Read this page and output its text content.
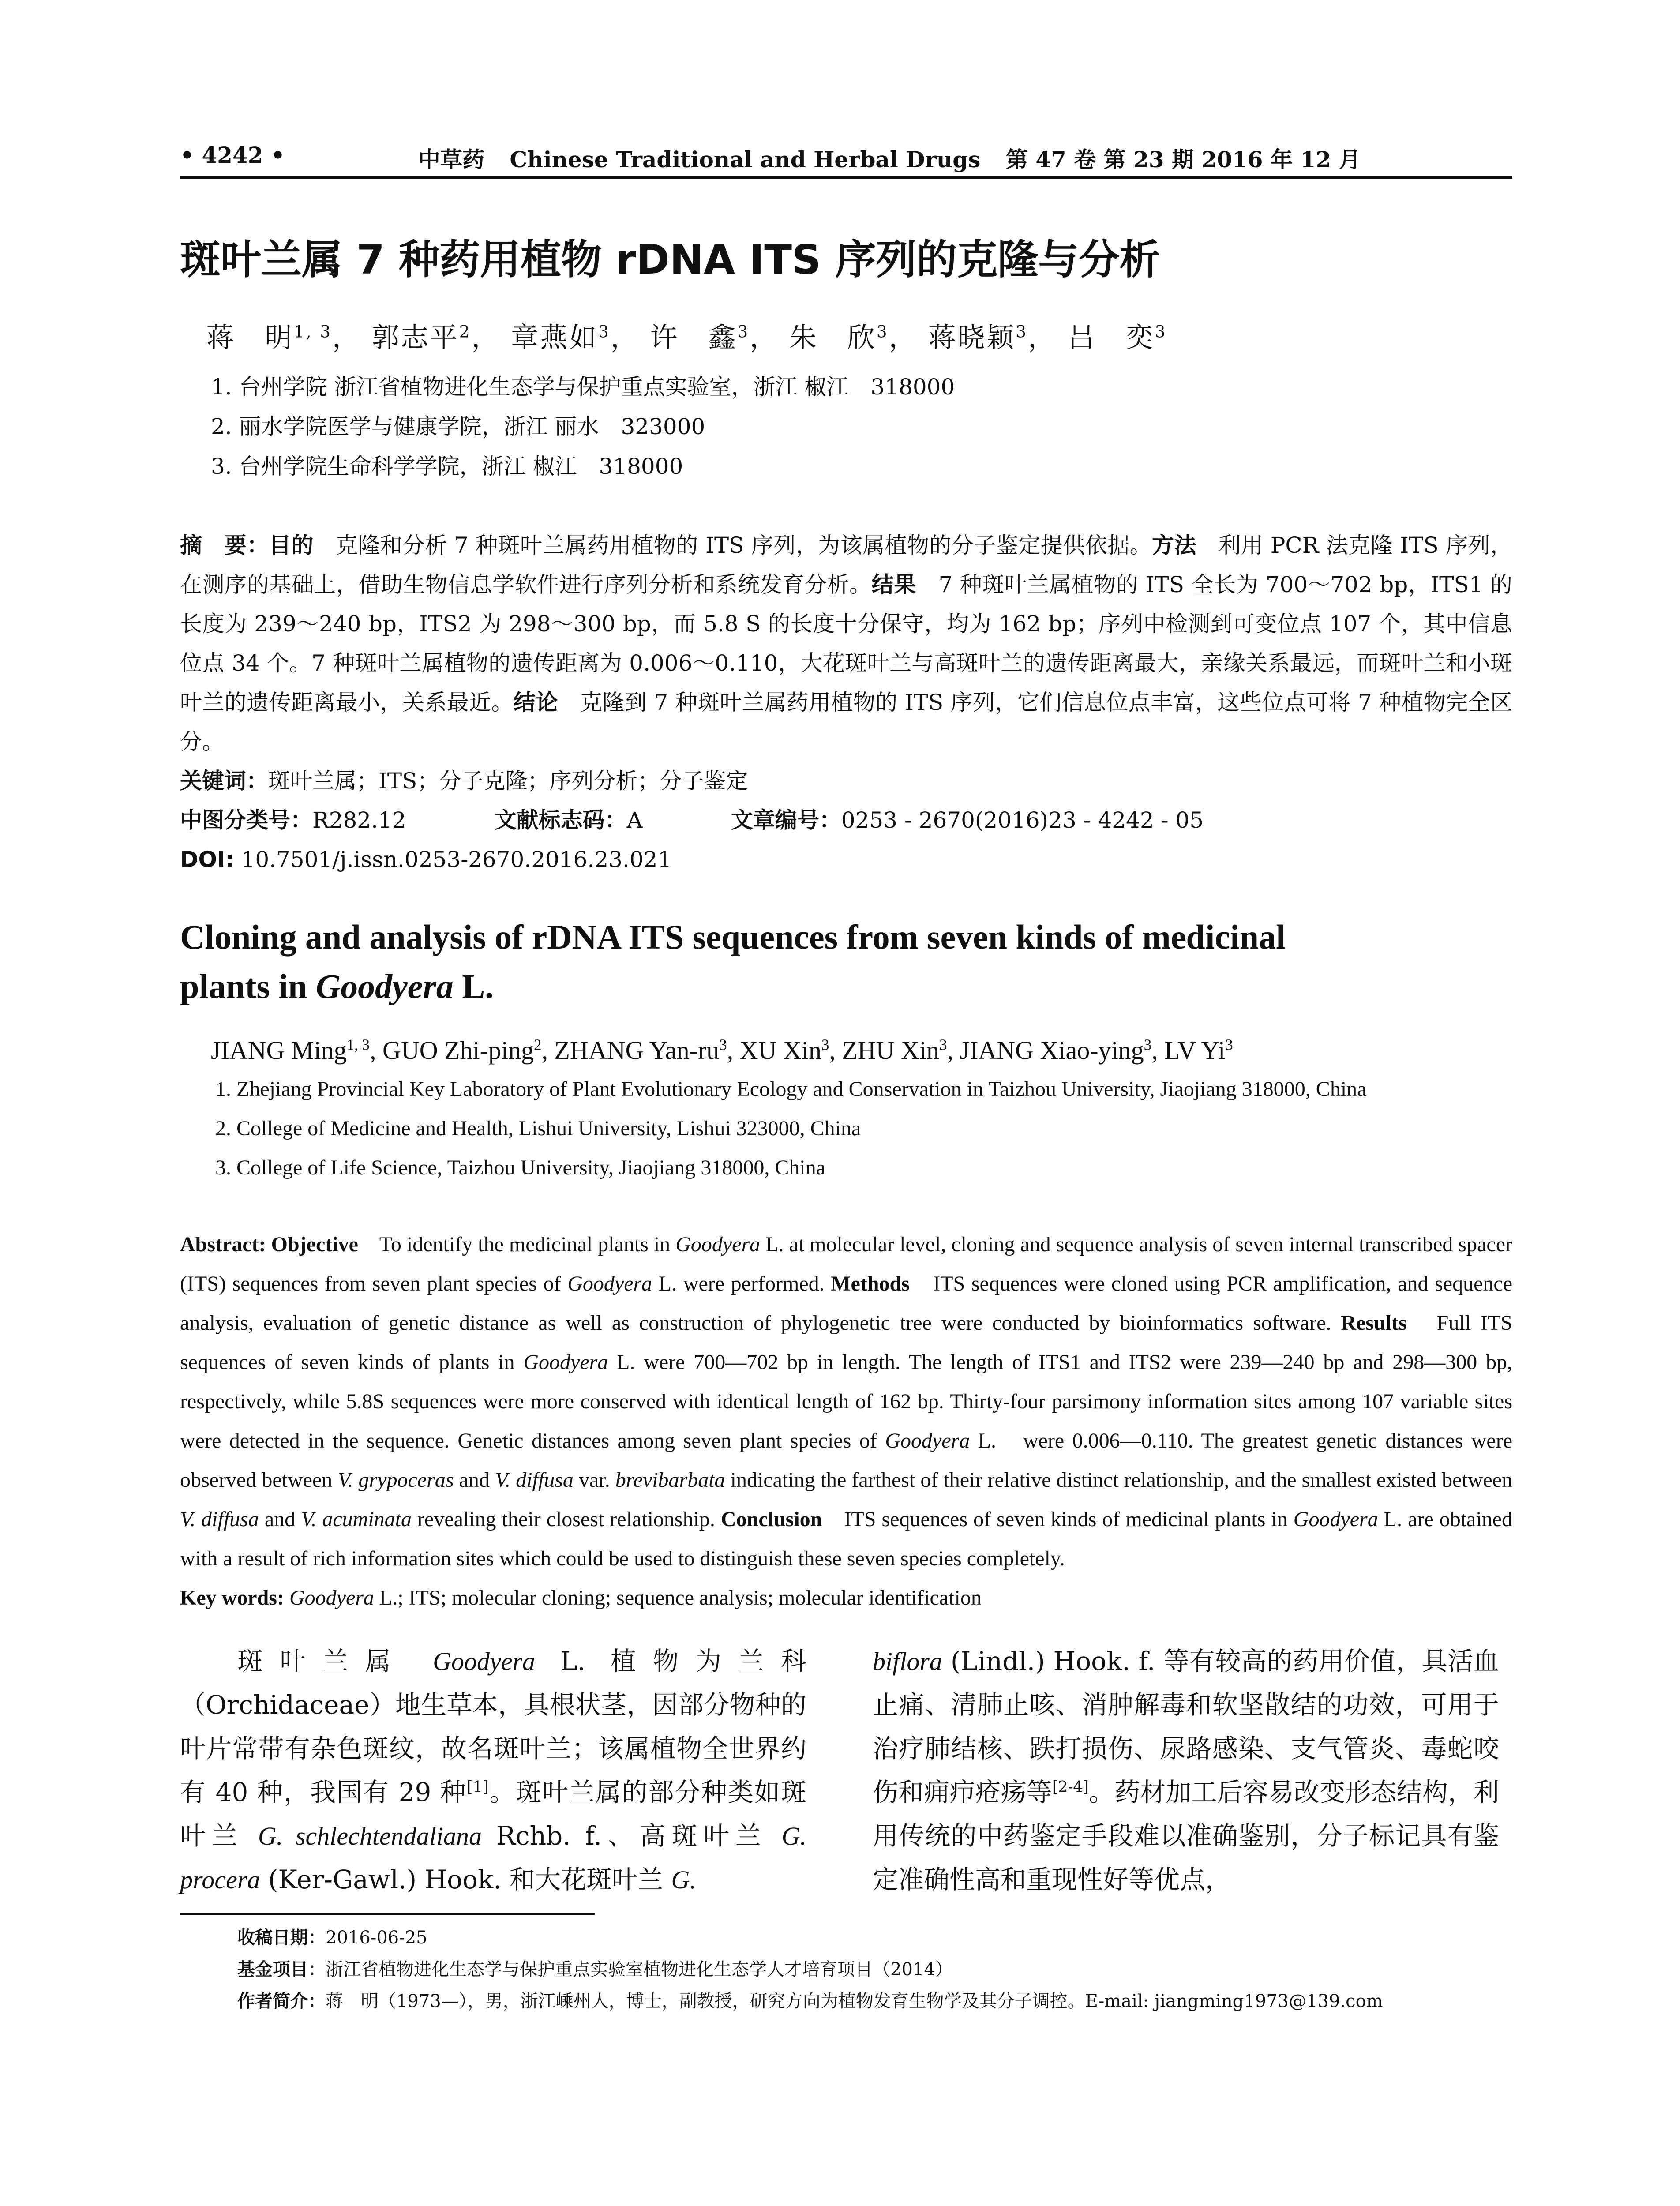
• 4242 •	中草药 Chinese Traditional and Herbal Drugs 第 47 卷 第 23 期 2016 年 12 月
斑叶兰属 7 种药用植物 rDNA ITS 序列的克隆与分析
蒋　明$^{1, 3}$， 郭志平$^2$， 章燕如$^3$， 许　鑫$^3$， 朱　欣$^3$， 蒋晓颖$^3$， 吕　奕$^3$
1. 台州学院 浙江省植物进化生态学与保护重点实验室，浙江 椒江　318000
2. 丽水学院医学与健康学院，浙江 丽水　323000
3. 台州学院生命科学学院，浙江 椒江　318000
摘　要：目的　 克隆和分析 7 种斑叶兰属药用植物的 ITS 序列，为该属植物的分子鉴定提供依据。方法　 利用 PCR 法克隆 ITS 序列，在测序的基础上，借助生物信息学软件进行序列分析和系统发育分析。结果　 7 种斑叶兰属植物的 ITS 全长为 700～702 bp，ITS1 的长度为 239～240 bp，ITS2 为 298～300 bp，而 5.8 S 的长度十分保守，均为 162 bp；序列中检测到可变位点 107 个，其中信息位点 34 个。7 种斑叶兰属植物的遗传距离为 0.006～0.110，大花斑叶兰与高斑叶兰的遗传距离最大，亲缘关系最远，而斑叶兰和小斑叶兰的遗传距离最小，关系最近。结论　 克隆到 7 种斑叶兰属药用植物的 ITS 序列，它们信息位点丰富，这些位点可将 7 种植物完全区分。
关键词：斑叶兰属；ITS；分子克隆；序列分析；分子鉴定
中图分类号：R282.12	文献标志码：A	文章编号：0253 - 2670(2016)23 - 4242 - 05
DOI: 10.7501/j.issn.0253-2670.2016.23.021
Cloning and analysis of rDNA ITS sequences from seven kinds of medicinal
plants in Goodyera L.
JIANG Ming$^{1, 3}$, GUO Zhi-ping$^2$, ZHANG Yan-$ru^3$, XU Xin$^3$, ZHU Xin$^3$, JIANG Xiao-ying$^3$, LV Yi$^3$
1. Zhejiang Provincial Key Laboratory of Plant Evolutionary Ecology and Conservation in Taizhou University, Jiaojiang 318000, China
2. College of Medicine and Health, Lishui University, Lishui 323000, China
3. College of Life Science, Taizhou University, Jiaojiang 318000, China
Abstract: Objective　 To identify the medicinal plants in Goodyera L. at molecular level, cloning and sequence analysis of seven internal transcribed spacer (ITS) sequences from seven plant species of Goodyera L. were performed. Methods　 ITS sequences were cloned using PCR amplification, and sequence analysis, evaluation of genetic distance as well as construction of phylogenetic tree were conducted by bioinformatics software. Results　 Full ITS sequences of seven kinds of plants in Goodyera L. were 700—702 bp in length. The length of ITS1 and ITS2 were 239—240 bp and 298—300 bp, respectively, while 5.8S sequences were more conserved with identical length of 162 bp. Thirty-four parsimony information sites among 107 variable sites were detected in the sequence. Genetic distances among seven plant species of Goodyera L.　were 0.006—0.110. The greatest genetic distances were observed between V. grypoceras and V. diffusa var. brevibarbata indicating the farthest of their relative distinct relationship, and the smallest existed between V. diffusa and V. acuminata revealing their closest relationship. Conclusion　 ITS sequences of seven kinds of medicinal plants in Goodyera L. are obtained with a result of rich information sites which could be used to distinguish these seven species completely.
Key words: Goodyera L.; ITS; molecular cloning; sequence analysis; molecular identification
斑叶兰属 Goodyera L. 植物为兰科（Orchidaceae）地生草本，具根状茎，因部分物种的叶片常带有杂色斑纹，故名斑叶兰；该属植物全世界约有 40 种，我国有 29 种[1]。斑叶兰属的部分种类如斑叶兰 G. schlechtendaliana Rchb. f.、高斑叶兰 G. procera (Ker-Gawl.) Hook. 和大花斑叶兰 G.
biflora (Lindl.) Hook. f. 等有较高的药用价值，具活血止痛、清肺止咳、消肿解毒和软坚散结的功效，可用于治疗肺结核、跌打损伤、尿路感染、支气管炎、毒蛇咬伤和痈疖疮疡等[2-4]。药材加工后容易改变形态结构，利用传统的中药鉴定手段难以准确鉴别，分子标记具有鉴定准确性高和重现性好等优点，
收稿日期：2016-06-25
基金项目：浙江省植物进化生态学与保护重点实验室植物进化生态学人才培育项目（2014）
作者简介：蒋　明（1973—），男，浙江嵊州人，博士，副教授，研究方向为植物发育生物学及其分子调控。E-mail: jiangming1973@139.com
